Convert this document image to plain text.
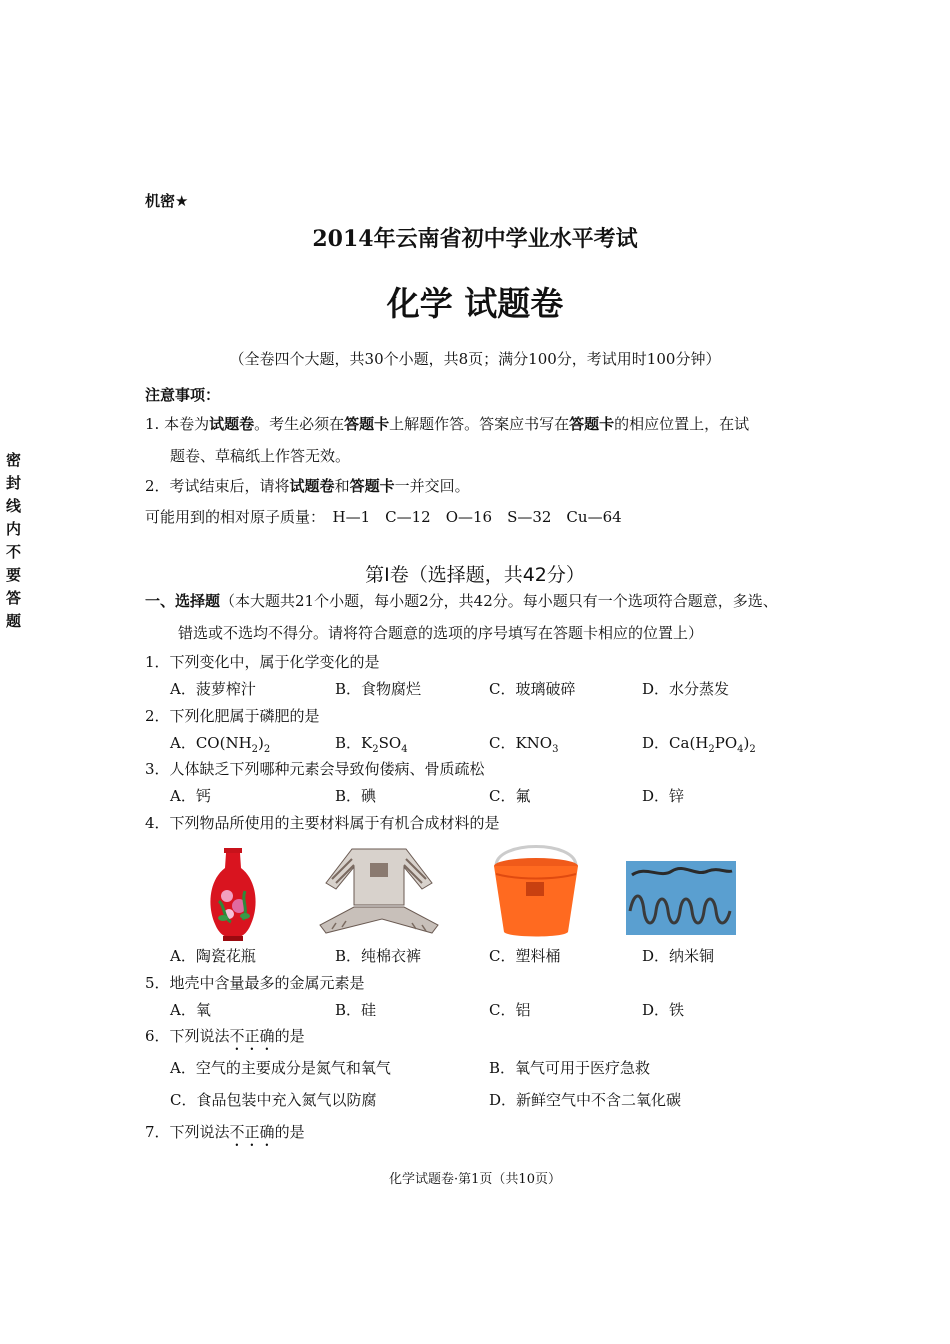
机密★
2014年云南省初中学业水平考试
化学 试题卷
（全卷四个大题，共30个小题，共8页；满分100分，考试用时100分钟）
密封线内不要答题
注意事项：
1. 本卷为试题卷。考生必须在答题卡上解题作答。答案应书写在答题卡的相应位置上，在试
题卷、草稿纸上作答无效。
2．考试结束后，请将试题卷和答题卡一并交回。
可能用到的相对原子质量：　H—1　C—12　O—16　S—32　Cu—64
第Ⅰ卷（选择题，共42分）
一、选择题（本大题共21个小题，每小题2分，共42分。每小题只有一个选项符合题意，多选、
错选或不选均不得分。请将符合题意的选项的序号填写在答题卡相应的位置上）
1．下列变化中，属于化学变化的是
A．菠萝榨汁	B．食物腐烂	C．玻璃破碎	D．水分蒸发
2．下列化肥属于磷肥的是
A．$CO(NH_2)_2$	B．$K_2SO_4$	C．$KNO_3$	D．$Ca(H_2PO_4)_2$
3．人体缺乏下列哪种元素会导致佝偻病、骨质疏松
A．钙	B．碘	C．氟	D．锌
4．下列物品所使用的主要材料属于有机合成材料的是
A．陶瓷花瓶	B．纯棉衣裤	C．塑料桶	D．纳米铜
5．地壳中含量最多的金属元素是
A．氧	B．硅	C．铝	D．铁
6．下列说法不正确的是
A．空气的主要成分是氮气和氧气	B．氧气可用于医疗急救
C．食品包装中充入氮气以防腐	D．新鲜空气中不含二氧化碳
7．下列说法不正确的是
化学试题卷·第1页（共10页）
